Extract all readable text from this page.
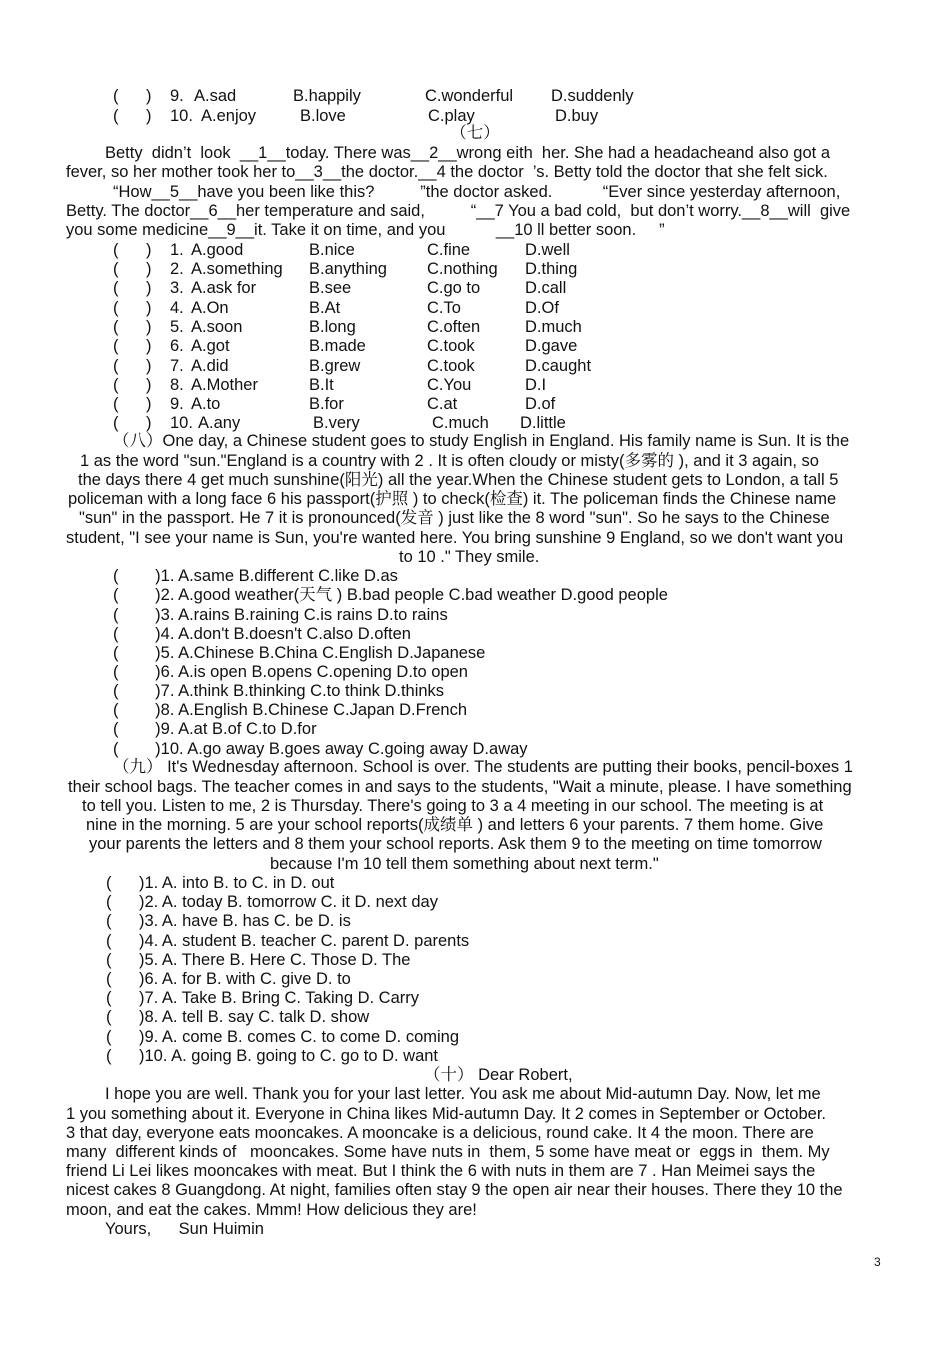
(      ) 9. A.sad	B.happily	C.wonderful D.suddenly
(      ) 10. A.enjoy	B.love	C.play	D.buy
（七）
Betty  didn’t  look  __1__today. There was__2__wrong eith  her. She had a headacheand also got a
fever, so her mother took her to__3__the doctor.__4 the doctor  ’s. Betty told the doctor that she felt sick.
“How__5__have you been like this?          ”the doctor asked.           “Ever since yesterday afternoon,
Betty. The doctor__6__her temperature and said,          “__7 You a bad cold,  but don’t worry.__8__will  give
you some medicine__9__it. Take it on time, and you           __10 ll better soon.     ”
(      ) 1. A.good	B.nice	C.fine	D.well
(      ) 2. A.something B.anything C.nothing D.thing
(      ) 3. A.ask for	B.see	C.go to	D.call
(      ) 4. A.On	B.At	C.To	D.Of
(      ) 5. A.soon	B.long	C.often	D.much
(      ) 6. A.got	B.made	C.took	D.gave
(      ) 7. A.did	B.grew	C.took	D.caught
(      ) 8. A.Mother	B.It	C.You	D.I
(      ) 9. A.to	B.for	C.at	D.of
(      ) 10. A.any	B.very	C.much D.little
（八）One day, a Chinese student goes to study English in England. His family name is Sun. It is the
1 as the word "sun."England is a country with 2 . It is often cloudy or misty(多雾的 ), and it 3 again, so
the days there 4 get much sunshine(阳光) all the year.When the Chinese student gets to London, a tall 5
policeman with a long face 6 his passport(护照 ) to check(检查) it. The policeman finds the Chinese name
"sun" in the passport. He 7 it is pronounced(发音 ) just like the 8 word "sun". So he says to the Chinese
student, "I see your name is Sun, you're wanted here. You bring sunshine 9 England, so we don't want you
to 10 ." They smile.
(        )1. A.same B.different C.like D.as
(        )2. A.good weather(天气 ) B.bad people C.bad weather D.good people
(        )3. A.rains B.raining C.is rains D.to rains
(        )4. A.don't B.doesn't C.also D.often
(        )5. A.Chinese B.China C.English D.Japanese
(        )6. A.is open B.opens C.opening D.to open
(        )7. A.think B.thinking C.to think D.thinks
(        )8. A.English B.Chinese C.Japan D.French
(        )9. A.at B.of C.to D.for
(        )10. A.go away B.goes away C.going away D.away
（九） It's Wednesday afternoon. School is over. The students are putting their books, pencil-boxes 1
their school bags. The teacher comes in and says to the students, "Wait a minute, please. I have something
to tell you. Listen to me, 2 is Thursday. There's going to 3 a 4 meeting in our school. The meeting is at
nine in the morning. 5 are your school reports(成绩单 ) and letters 6 your parents. 7 them home. Give
your parents the letters and 8 them your school reports. Ask them 9 to the meeting on time tomorrow
because I'm 10 tell them something about next term."
(      )1. A. into B. to C. in D. out
(      )2. A. today B. tomorrow C. it D. next day
(      )3. A. have B. has C. be D. is
(      )4. A. student B. teacher C. parent D. parents
(      )5. A. There B. Here C. Those D. The
(      )6. A. for B. with C. give D. to
(      )7. A. Take B. Bring C. Taking D. Carry
(      )8. A. tell B. say C. talk D. show
(      )9. A. come B. comes C. to come D. coming
(      )10. A. going B. going to C. go to D. want
（十） Dear Robert,
I hope you are well. Thank you for your last letter. You ask me about Mid-autumn Day. Now, let me
1 you something about it. Everyone in China likes Mid-autumn Day. It 2 comes in September or October.
3 that day, everyone eats mooncakes. A mooncake is a delicious, round cake. It 4 the moon. There are
many  different kinds of   mooncakes. Some have nuts in  them, 5 some have meat or  eggs in  them. My
friend Li Lei likes mooncakes with meat. But I think the 6 with nuts in them are 7 . Han Meimei says the
nicest cakes 8 Guangdong. At night, families often stay 9 the open air near their houses. There they 10 the
moon, and eat the cakes. Mmm! How delicious they are!
Yours,      Sun Huimin
3
